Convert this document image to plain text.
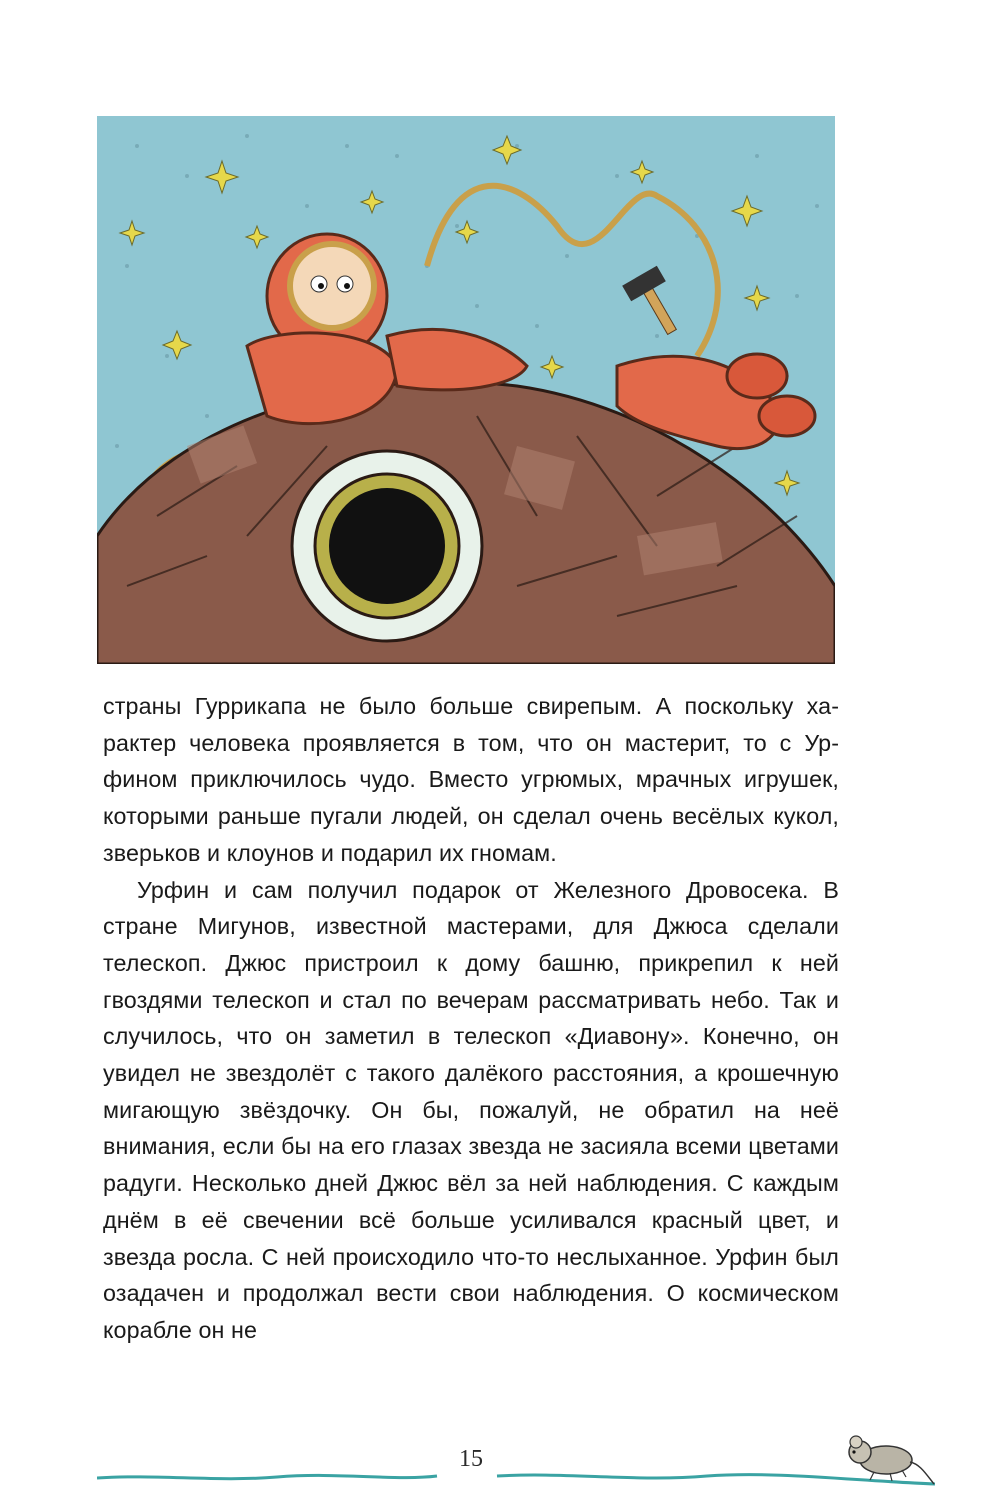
страны Гуррикапа не было больше свирепым. А поскольку характер человека проявляется в том, что он мастерит, то с Урфином приключилось чудо. Вместо угрюмых, мрачных игрушек, которыми раньше пугали людей, он сделал очень весёлых кукол, зверьков и клоунов и подарил их гномам.

Урфин и сам получил подарок от Железного Дровосека. В стране Мигунов, известной мастерами, для Джюса сделали телескоп. Джюс пристроил к дому башню, прикрепил к ней гвоздями телескоп и стал по вечерам рассматривать небо. Так и случилось, что он заметил в телескоп «Диавону». Конечно, он увидел не звездолёт с такого далёкого расстояния, а крошечную мигающую звёздочку. Он бы, пожалуй, не обратил на неё внимания, если бы на его глазах звезда не засияла всеми цветами радуги. Несколько дней Джюс вёл за ней наблюдения. С каждым днём в её свечении всё больше усиливался красный цвет, и звезда росла. С ней происходило что-то неслыханное. Урфин был озадачен и продолжал вести свои наблюдения. О космическом корабле он не

15
